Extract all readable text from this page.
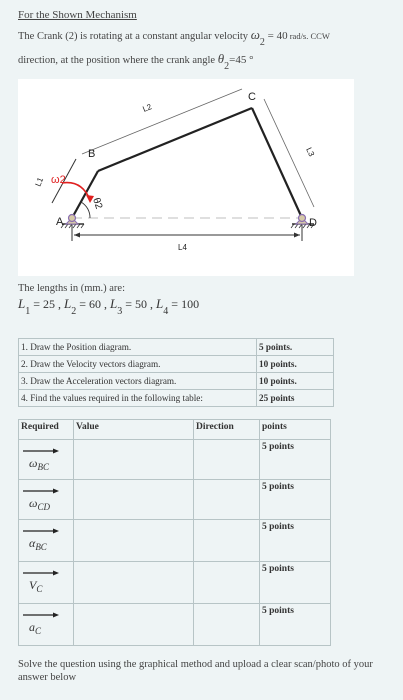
For the Shown Mechanism
The Crank (2) is rotating at a constant angular velocity ω2 = 40 rad/s. CCW
direction, at the position where the crank angle θ2=45 °
A
B
C
D
L4
L2
L1
L3
ω2
θ2
The lengths in (mm.) are:
$L_1 = 25$ , $L_2 = 60$ , $L_3 = 50$ , $L_4 = 100$
1. Draw the Position diagram.	5 points.
2. Draw the Velocity vectors diagram.	10 points.
3. Draw the Acceleration vectors diagram.	10 points.
4. Find the values required in the following table:	25 points
Required	Value	Direction	points

$\omega_{BC}$			5 points

$\omega_{CD}$			5 points

$\alpha_{BC}$			5 points

$V_C$			5 points

$a_C$			5 points
Solve the question using the graphical method and upload a clear scan/photo of your answer below
